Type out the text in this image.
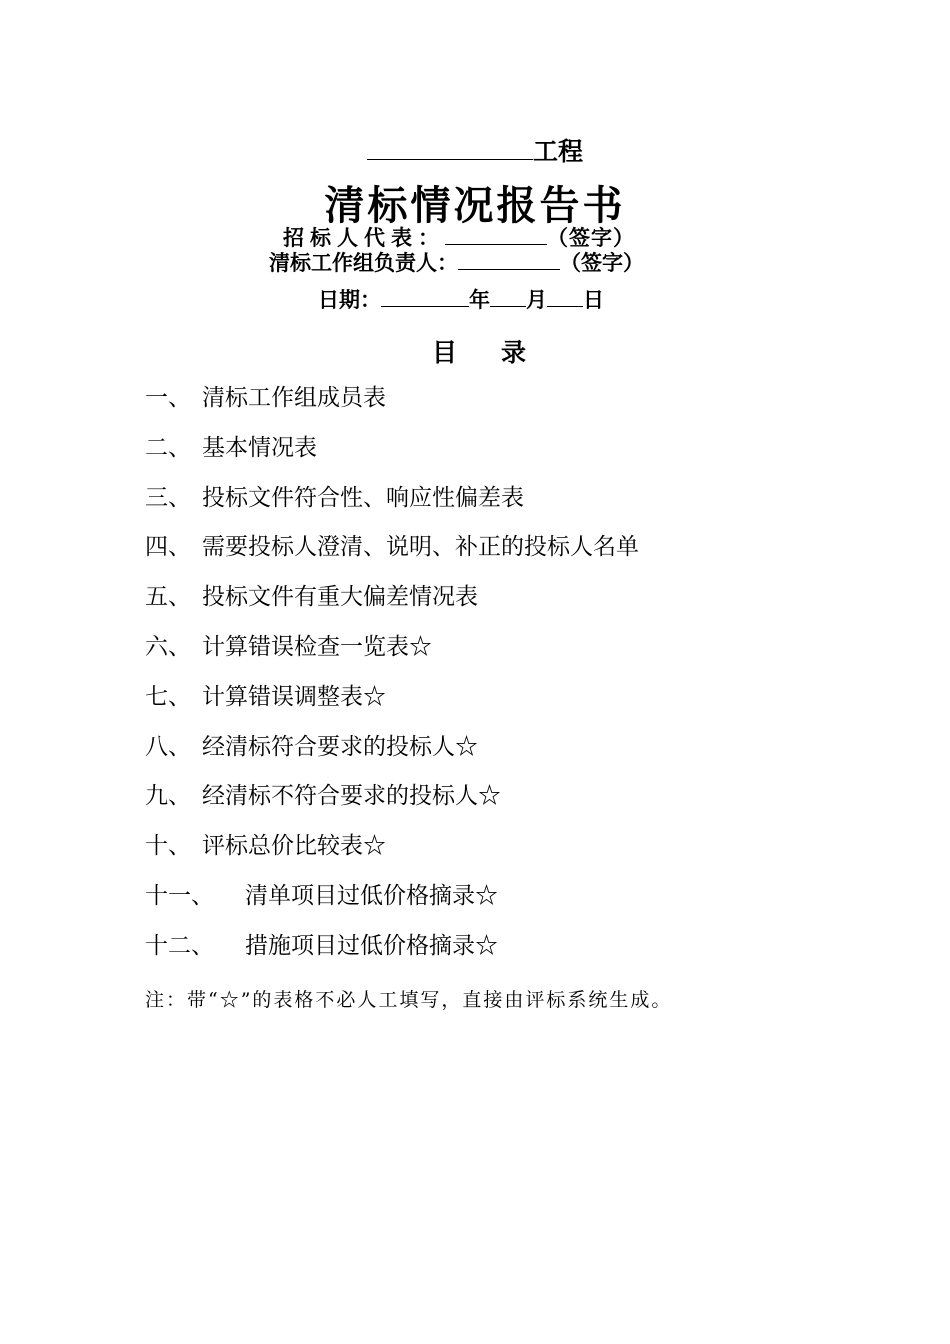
工程
清标情况报告书
招标人代表：	（签字）
清标工作组负责人：	（签字）
日期：	年 月 日
目录
一、 清标工作组成员表
二、 基本情况表
三、 投标文件符合性、响应性偏差表
四、 需要投标人澄清、说明、补正的投标人名单
五、 投标文件有重大偏差情况表
六、 计算错误检查一览表☆
七、 计算错误调整表☆
八、 经清标符合要求的投标人☆
九、 经清标不符合要求的投标人☆
十、 评标总价比较表☆
十一、 清单项目过低价格摘录☆
十二、 措施项目过低价格摘录☆
注：带“☆”的表格不必人工填写，直接由评标系统生成。
